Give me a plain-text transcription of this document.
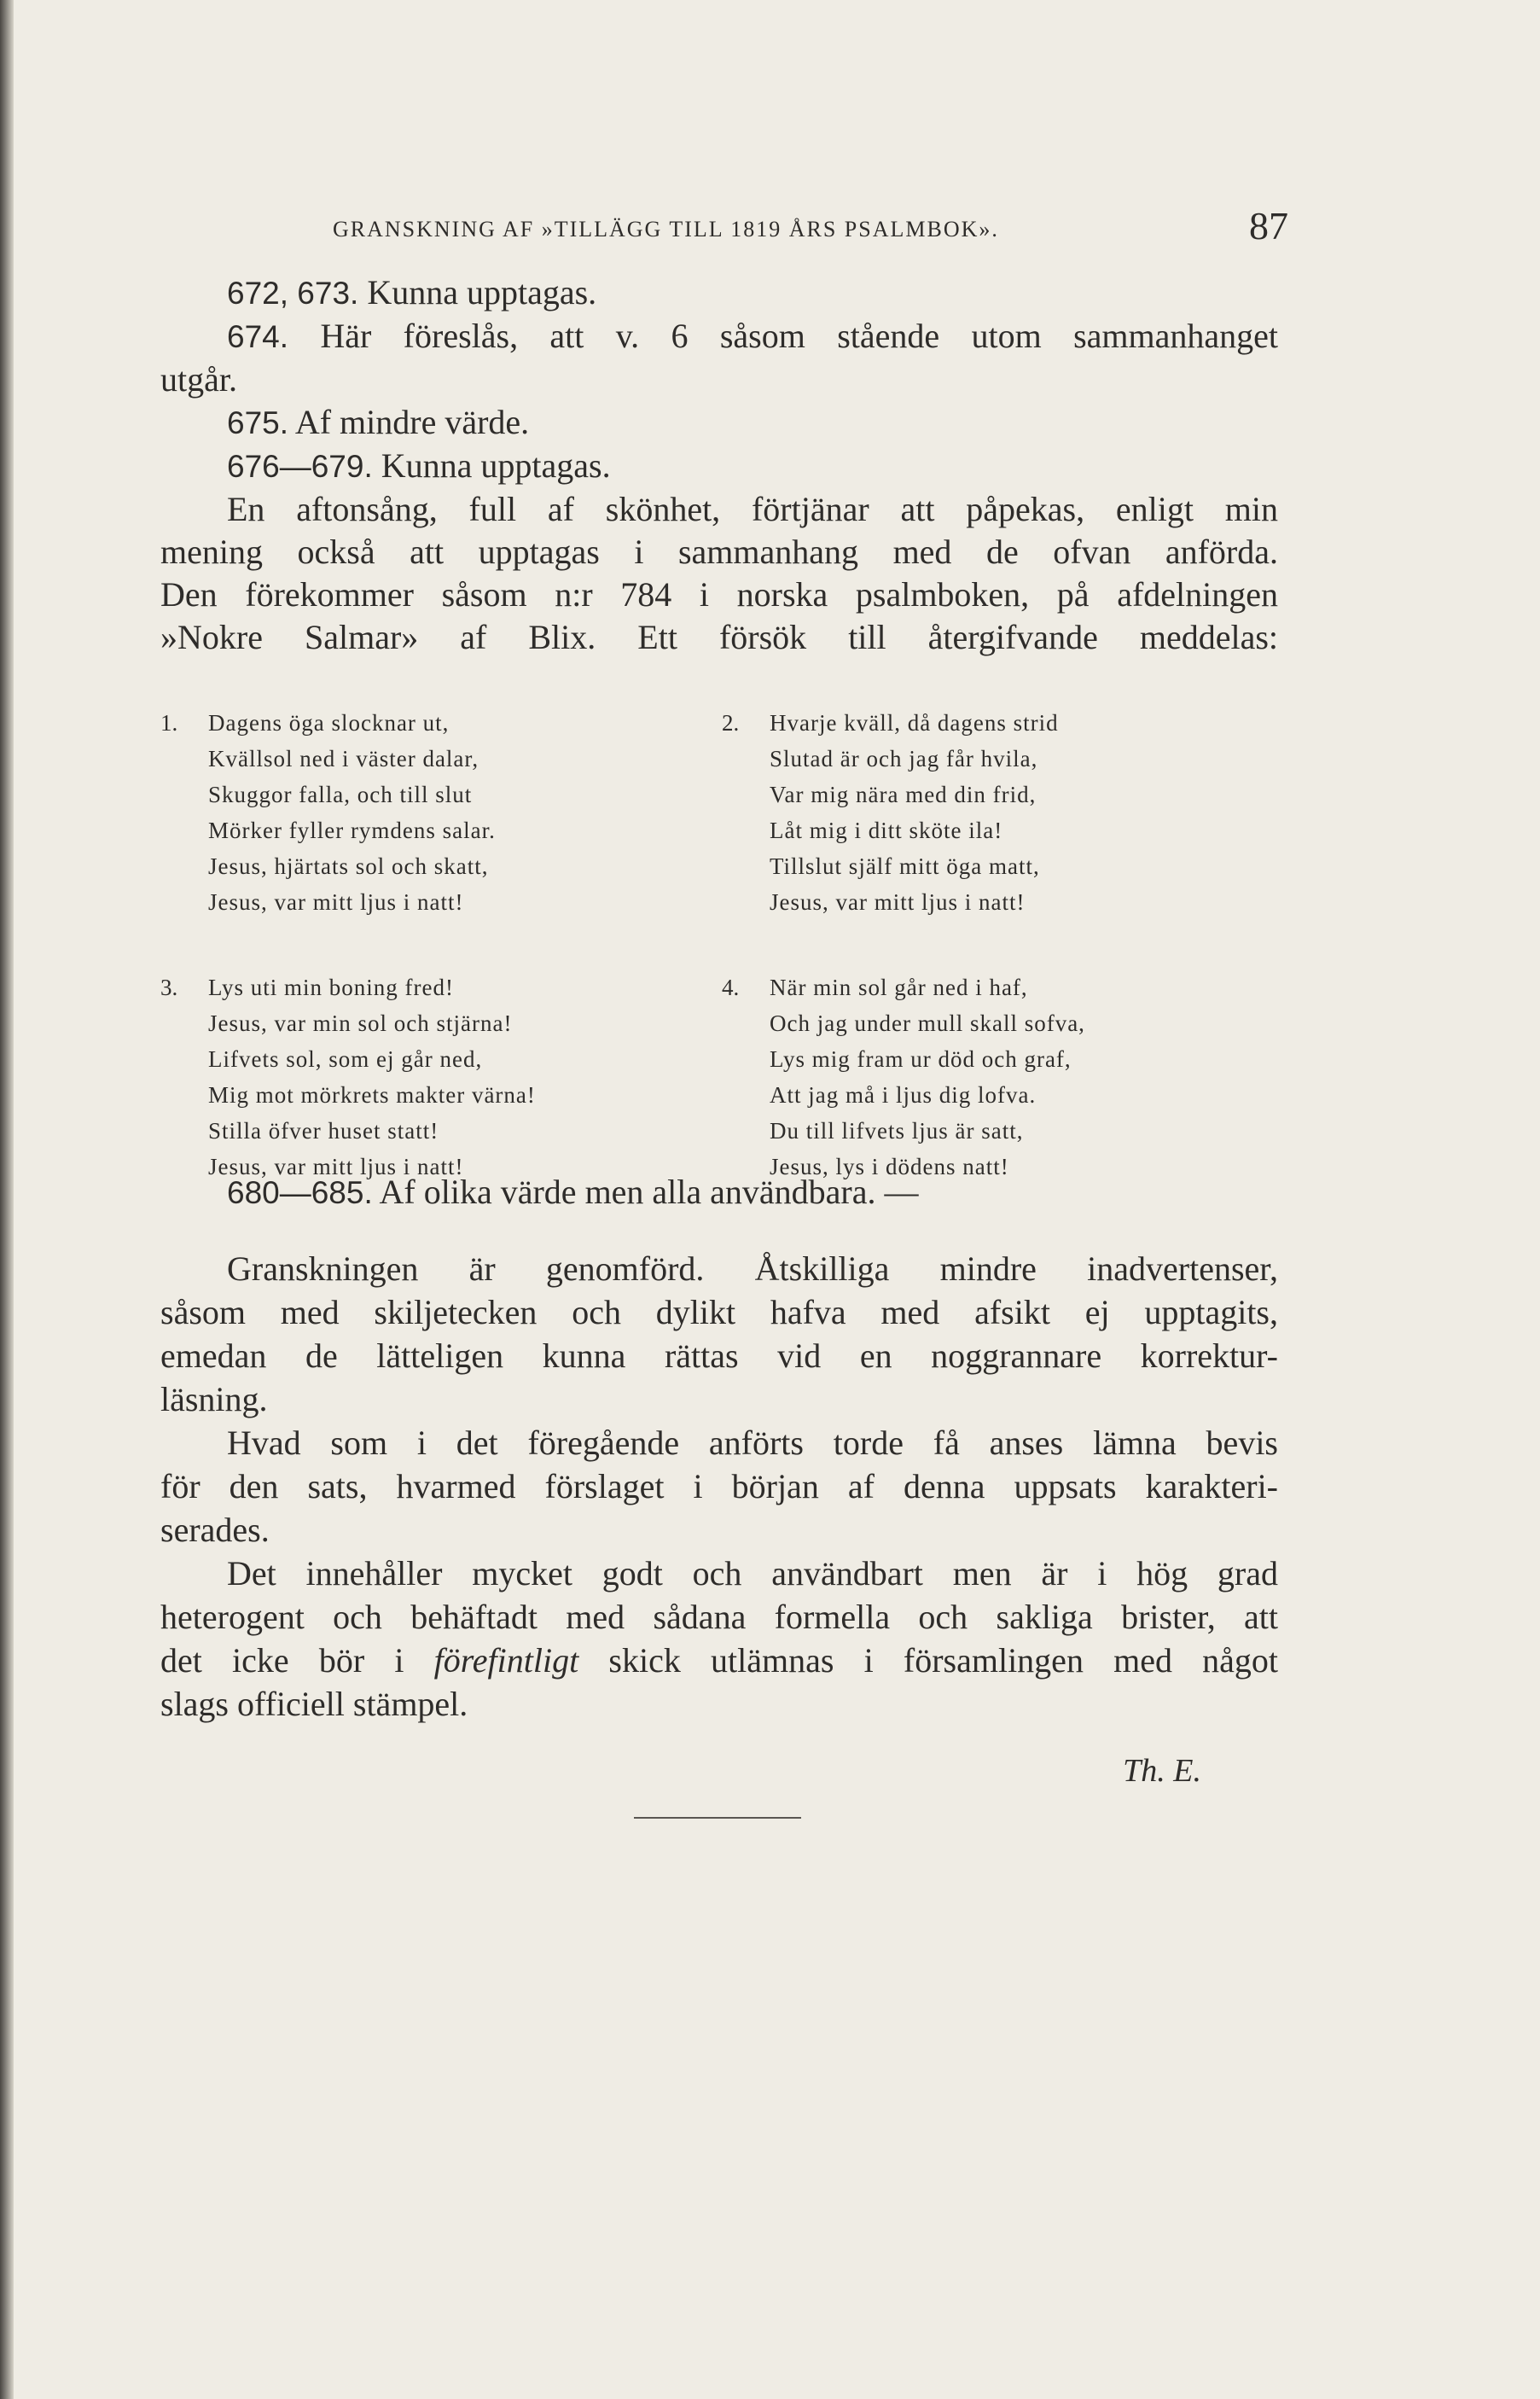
GRANSKNING AF »TILLÄGG TILL 1819 ÅRS PSALMBOK».	87

672, 673. Kunna upptagas.

674. Här föreslås, att v. 6 såsom stående utom sammanhanget

utgår.

675. Af mindre värde.

676—679. Kunna upptagas.

En aftonsång, full af skönhet, förtjänar att påpekas, enligt min
mening också att upptagas i sammanhang med de ofvan anförda.
Den förekommer såsom n:r 784 i norska psalmboken, på afdelningen
»Nokre Salmar» af Blix. Ett försök till återgifvande meddelas:
1. Dagens öga slocknar ut,
Kvällsol ned i väster dalar,
Skuggor falla, och till slut
Mörker fyller rymdens salar.
Jesus, hjärtats sol och skatt,
Jesus, var mitt ljus i natt!
2. Hvarje kväll, då dagens strid
Slutad är och jag får hvila,
Var mig nära med din frid,
Låt mig i ditt sköte ila!
Tillslut själf mitt öga matt,
Jesus, var mitt ljus i natt!
3. Lys uti min boning fred!
Jesus, var min sol och stjärna!
Lifvets sol, som ej går ned,
Mig mot mörkrets makter värna!
Stilla öfver huset statt!
Jesus, var mitt ljus i natt!
4. När min sol går ned i haf,
Och jag under mull skall sofva,
Lys mig fram ur död och graf,
Att jag må i ljus dig lofva.
Du till lifvets ljus är satt,
Jesus, lys i dödens natt!

680—685. Af olika värde men alla användbara. —

Granskningen är genomförd. Åtskilliga mindre inadvertenser,
såsom med skiljetecken och dylikt hafva med afsikt ej upptagits,
emedan de lätteligen kunna rättas vid en noggrannare korrektur-
läsning.
Hvad som i det föregående anförts torde få anses lämna bevis
för den sats, hvarmed förslaget i början af denna uppsats karakteri-
serades.
Det innehåller mycket godt och användbart men är i hög grad
heterogent och behäftadt med sådana formella och sakliga brister, att
det icke bör i förefintligt skick utlämnas i församlingen med något
slags officiell stämpel.
Th. E.
